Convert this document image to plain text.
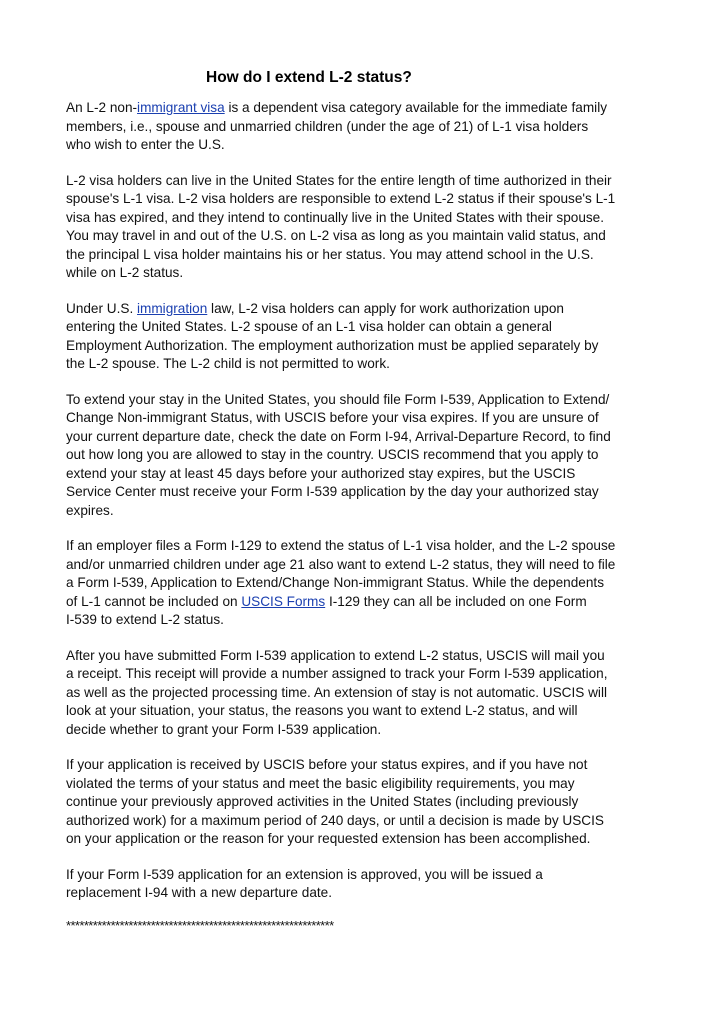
How do I extend L-2 status?

An L-2 non-immigrant visa is a dependent visa category available for the immediate family
members, i.e., spouse and unmarried children (under the age of 21) of L-1 visa holders
who wish to enter the U.S.

L-2 visa holders can live in the United States for the entire length of time authorized in their
spouse's L-1 visa. L-2 visa holders are responsible to extend L-2 status if their spouse's L-1
visa has expired, and they intend to continually live in the United States with their spouse.
You may travel in and out of the U.S. on L-2 visa as long as you maintain valid status, and
the principal L visa holder maintains his or her status. You may attend school in the U.S.
while on L-2 status.

Under U.S. immigration law, L-2 visa holders can apply for work authorization upon
entering the United States. L-2 spouse of an L-1 visa holder can obtain a general
Employment Authorization. The employment authorization must be applied separately by
the L-2 spouse. The L-2 child is not permitted to work.

To extend your stay in the United States, you should file Form I-539, Application to Extend/
Change Non-immigrant Status, with USCIS before your visa expires. If you are unsure of
your current departure date, check the date on Form I-94, Arrival-Departure Record, to find
out how long you are allowed to stay in the country. USCIS recommend that you apply to
extend your stay at least 45 days before your authorized stay expires, but the USCIS
Service Center must receive your Form I-539 application by the day your authorized stay
expires.

If an employer files a Form I-129 to extend the status of L-1 visa holder, and the L-2 spouse
and/or unmarried children under age 21 also want to extend L-2 status, they will need to file
a Form I-539, Application to Extend/Change Non-immigrant Status. While the dependents
of L-1 cannot be included on USCIS Forms I-129 they can all be included on one Form
I-539 to extend L-2 status.

After you have submitted Form I-539 application to extend L-2 status, USCIS will mail you
a receipt. This receipt will provide a number assigned to track your Form I-539 application,
as well as the projected processing time. An extension of stay is not automatic. USCIS will
look at your situation, your status, the reasons you want to extend L-2 status, and will
decide whether to grant your Form I-539 application.

If your application is received by USCIS before your status expires, and if you have not
violated the terms of your status and meet the basic eligibility requirements, you may
continue your previously approved activities in the United States (including previously
authorized work) for a maximum period of 240 days, or until a decision is made by USCIS
on your application or the reason for your requested extension has been accomplished.

If your Form I-539 application for an extension is approved, you will be issued a
replacement I-94 with a new departure date.

************************************************************
